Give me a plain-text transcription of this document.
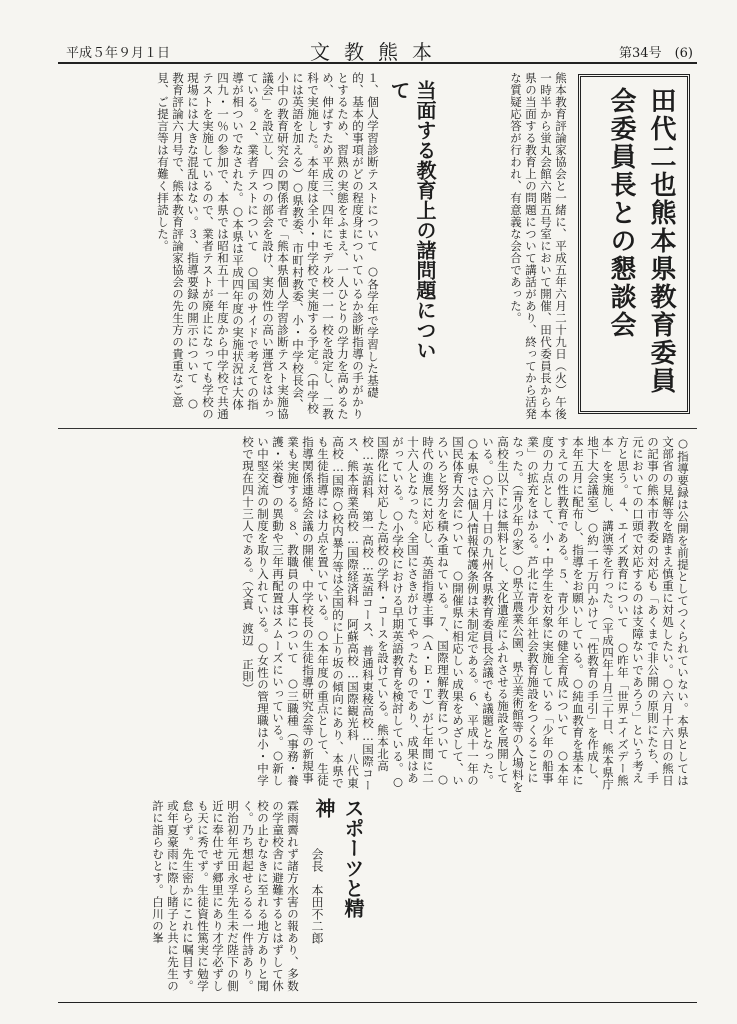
平成５年９月１日	文教熊本	第34号　(6)
田代二也熊本県教育委員会委員長との懇談会
熊本教育評論家協会と一緒に、平成五年六月二十九日（火）午後一時半から蛍丸会館六階五号室において開催、田代委員長から本県の当面する教育上の問題について講話があり、終ってから活発な質疑応答が行われ、有意義な会合であった。
当面する教育上の諸問題について
１、個人学習診断テストについて　○各学年で学習した基礎的、基本的事項がどの程度身についているか診断指導の手がかりとするため、習熟の実態をふまえ、一人ひとりの学力を高めるため、伸ばすため平成三、四年にモデル校一一一校を設定し、二教科で実施した。本年度は全小・中学校で実施する予定。（中学校には英語を加える）○県教委、市町村教委、小・中学校長会、小中の教育研究会の関係者で「熊本県個人学習診断テスト実施協議会」を設立し、四つの部会を設け、実効性の高い運営をはかっている。２、業者テストについて　○国のサイドで考えての指導が相ついでなされた。○本県は平成四年度の実施状況は大体四九・一％の参加で、本県では昭和五十一年度から中学校で共通テストを実施しているので、業者テストが廃止になっても学校の現場には大きな混乱はない。３、指導要録の開示について　○教育評論六月号で、熊本教育評論家協会の先生方の貴重なご意見、ご提言等は有難く拝読した。
○指導要録は公開を前提としてつくられていない。本県としては文部省の見解等を踏まえ慎重に対処したい。○六月十六日の熊日の記事の熊本市教委の対応も「あくまで非公開の原則にたち、手元においての口頭で対応するのは支障ないであろう」という考え方と思う。４、エイズ教育について　○昨年「世界エイズデー熊本」を実施し、講演等を行った。（平成四年十月三十日、熊本県庁地下大会議室）○約一千万円かけて「性教育の手引」を作成し、本年五月に配布し、指導をお願いしている。○純血教育を基本にすえての性教育である。５、青少年の健全育成について　○本年度の力点として、小・中学生を対象に実施している「少年の船事業」の拡充をはかる。芦北に青少年社会教育施設をつくることになった。（青少年の家）○県立農業公園、県立美術館等の入場料を高校生以下には無料とし、文化遺産にふれさせる施設を展開している。○六月十日の九州各県教育委員長会議でも議題となった。○本県では個人情報保護条例は未制定である。６、平成十一年の国民体育大会について　○開催県に相応しい成果をめざして、いろいろと努力を積み重ねている。７、国際理解教育について　○時代の進展に対応し、英語指導主事（Ａ・Ｅ・Ｔ）が七年間に二十六人となった。全国にさきがけてやったものであり、成果はあがっている。○小学校における早期英語教育を検討している。○国際化に対応した高校の学科・コースを設けている。熊本北高校…英語科　第一高校…英語コース、普通科東稜高校…国際コース、熊本商業高校…国際経済科　阿蘇高校…国際観光科　八代東高校…国際○校内暴力等は全国的に上り坂の傾向にあり、本県でも生徒指導には力点を置いている。○本年度の重点として、生徒指導関係連絡会議の開催、中学校長の生徒指導研究会等の新規事業も実施する。８、教職員の人事について　○三職種（事務・養護・栄養）の異動や三年再配置はスムーズにいっている。○新しい中堅交流の制度を取り入れている。○女性の管理職は小・中学校で現在四十三人である。（文責　渡辺　正則）
スポーツと精神
会長　本田不二郎
霖雨霽れず諸方水害の報あり、多数の学童校舎に避難するとはずして休校の止むなきに至れる地方ありと聞く。乃ち想起せらるる一件詩あり。明治初年元田永孚先生未だ陛下の側近に奉仕せず郷里にあり才学必ずしも天に秀でず。生徒資性篤実に勉学怠らず。先生密かにこれに嘱目す。或年夏豪雨に際し睹子と共に先生の許に詣らむとす。白川の峯
